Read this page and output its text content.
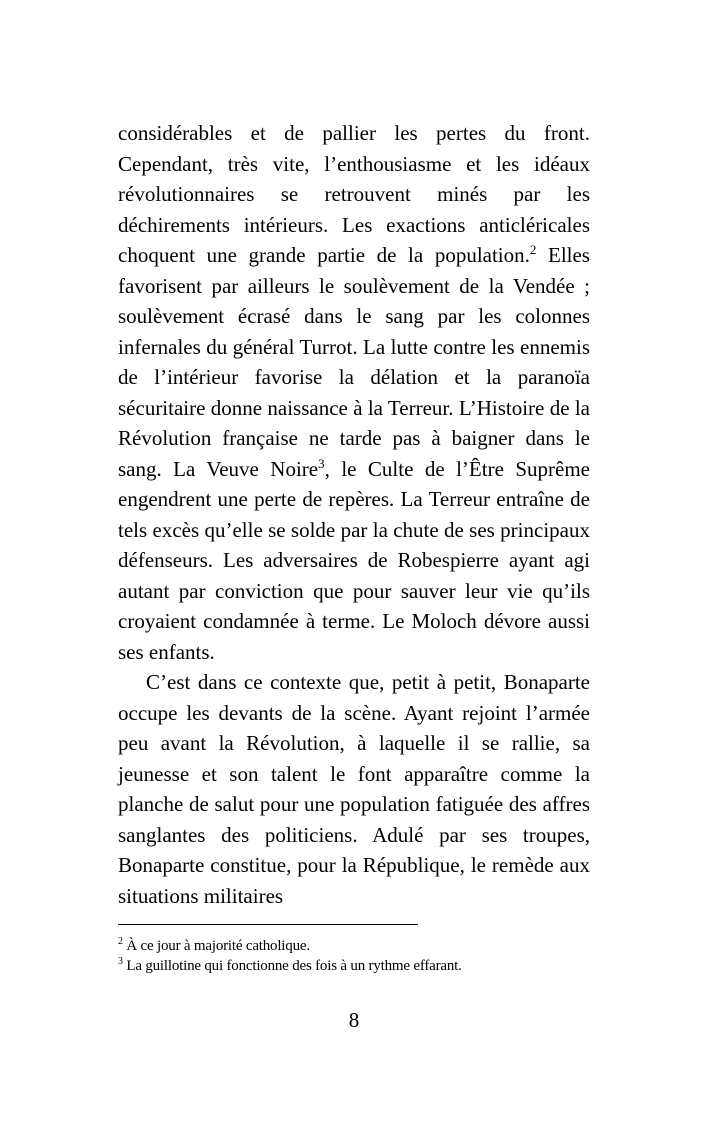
considérables et de pallier les pertes du front. Cependant, très vite, l’enthousiasme et les idéaux révolutionnaires se retrouvent minés par les déchirements intérieurs. Les exactions anticléricales choquent une grande partie de la population.$^2$ Elles favorisent par ailleurs le soulèvement de la Vendée ; soulèvement écrasé dans le sang par les colonnes infernales du général Turrot. La lutte contre les ennemis de l’intérieur favorise la délation et la paranoïa sécuritaire donne naissance à la Terreur. L’Histoire de la Révolution française ne tarde pas à baigner dans le sang. La Veuve Noire$^3$, le Culte de l’Être Suprême engendrent une perte de repères. La Terreur entraîne de tels excès qu’elle se solde par la chute de ses principaux défenseurs. Les adversaires de Robespierre ayant agi autant par conviction que pour sauver leur vie qu’ils croyaient condamnée à terme. Le Moloch dévore aussi ses enfants.

C’est dans ce contexte que, petit à petit, Bonaparte occupe les devants de la scène. Ayant rejoint l’armée peu avant la Révolution, à laquelle il se rallie, sa jeunesse et son talent le font apparaître comme la planche de salut pour une population fatiguée des affres sanglantes des politiciens. Adulé par ses troupes, Bonaparte constitue, pour la République, le remède aux situations militaires

$^2$ À ce jour à majorité catholique.
$^3$ La guillotine qui fonctionne des fois à un rythme effarant.
8
